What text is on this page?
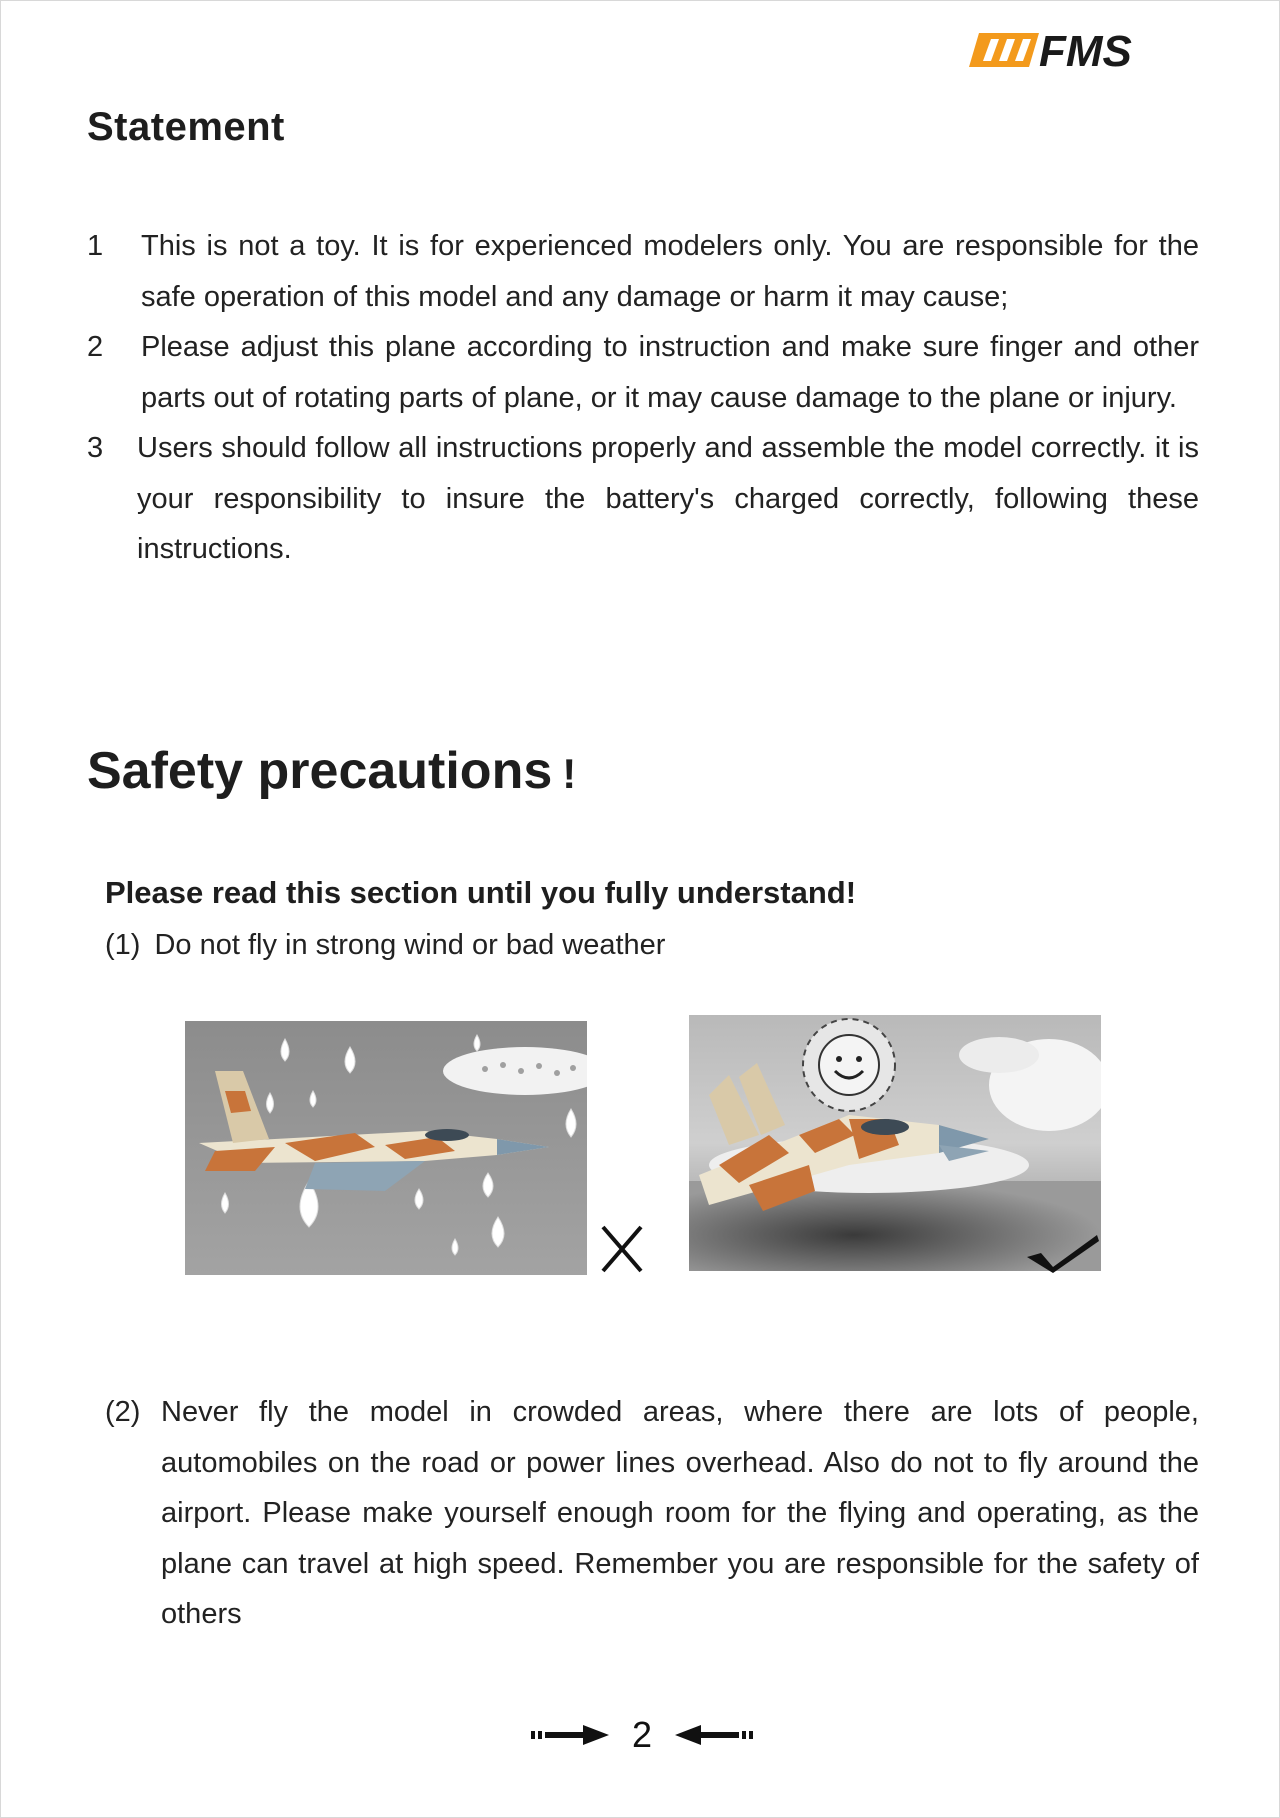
FMS
Statement
1	This is not a toy. It is for experienced modelers only. You are responsible for the safe operation of this model and any damage or harm it may cause;
2	Please adjust this plane according to instruction and make sure finger and other parts out of rotating parts of plane, or it may cause damage to the plane or injury.
3	Users should follow all instructions properly and assemble the model correctly. it is your responsibility to insure the battery's charged correctly, following these instructions.
Safety precautions !
Please read this section until you fully understand!
(1) Do not fly in strong wind or bad weather
(2) Never fly the model in crowded areas, where there are lots of people, automobiles on the road or power lines overhead. Also do not to fly around the airport. Please make yourself enough room for the flying and operating, as the plane can travel at high speed. Remember you are responsible for the safety of others
2
